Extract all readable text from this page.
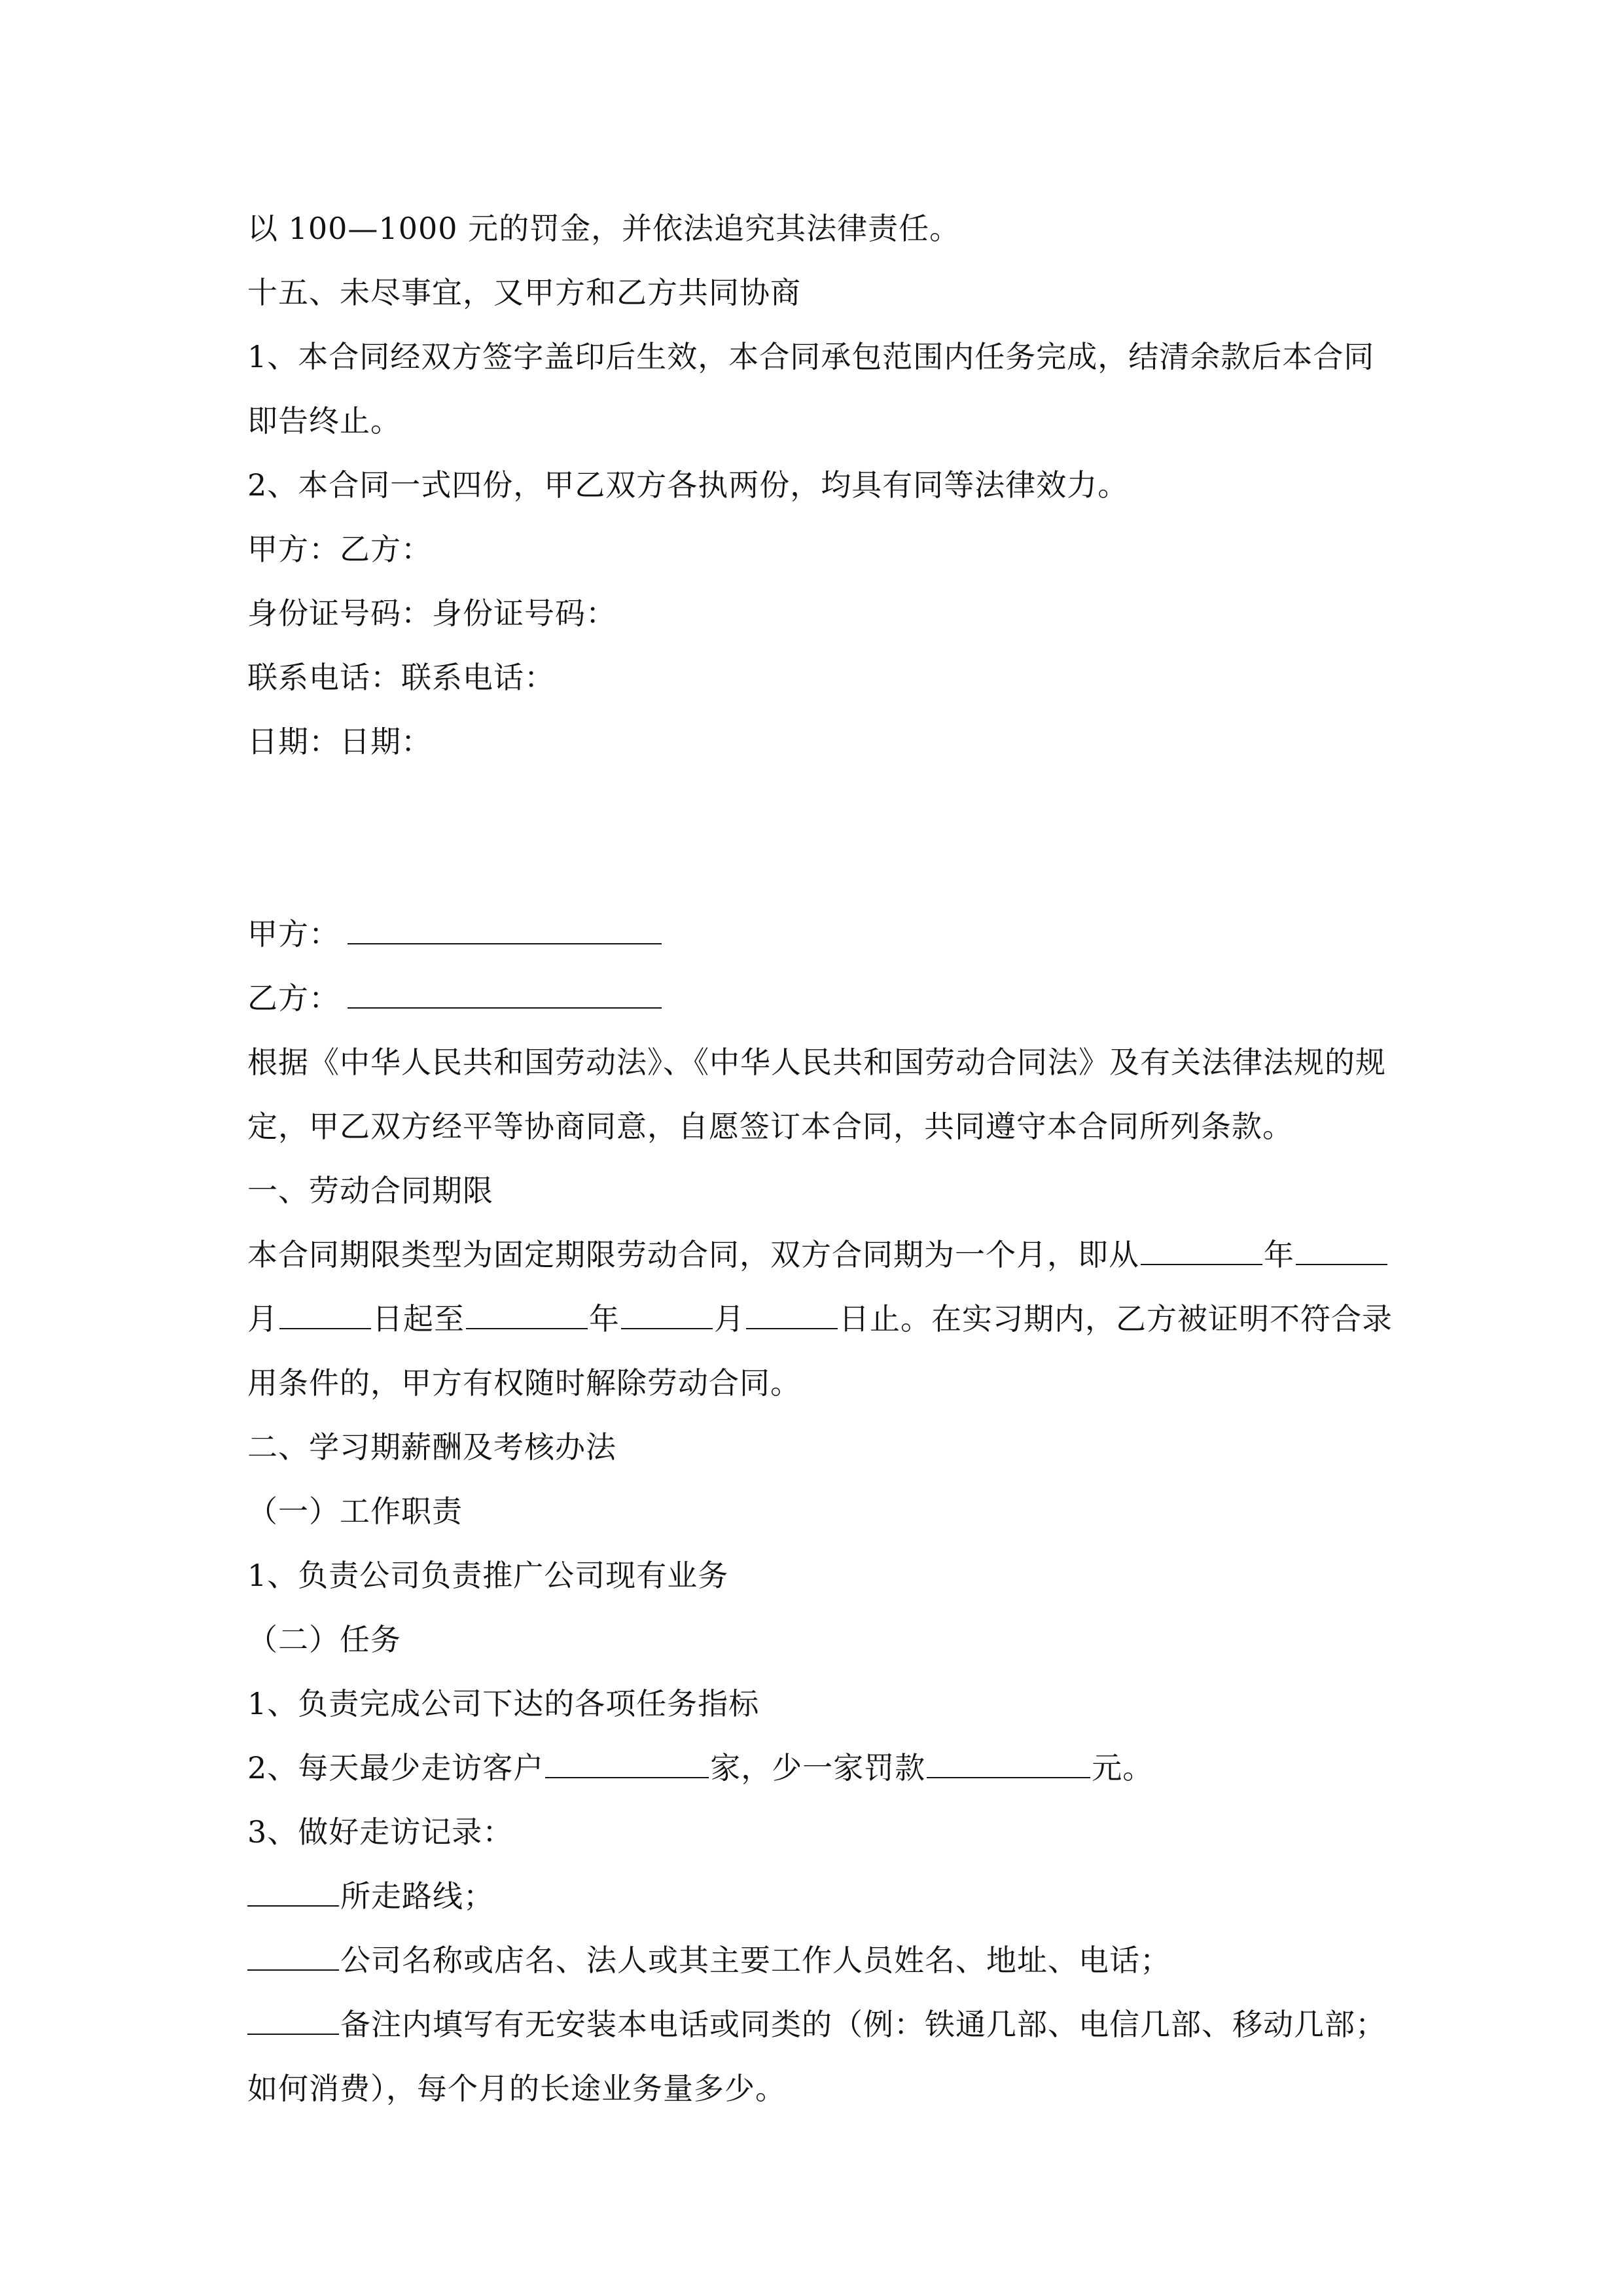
以 100—1000 元的罚金，并依法追究其法律责任。

十五、未尽事宜，又甲方和乙方共同协商

1、本合同经双方签字盖印后生效，本合同承包范围内任务完成，结清余款后本合同即告终止。

2、本合同一式四份，甲乙双方各执两份，均具有同等法律效力。

甲方：乙方：

身份证号码：身份证号码：

联系电话：联系电话：

日期：日期：

甲方：

乙方：

根据《中华人民共和国劳动法》、《中华人民共和国劳动合同法》及有关法律法规的规定，甲乙双方经平等协商同意，自愿签订本合同，共同遵守本合同所列条款。

一、劳动合同期限

本合同期限类型为固定期限劳动合同，双方合同期为一个月，即从	年月	日起至	年	月	日止。在实习期内，乙方被证明不符合录用条件的，甲方有权随时解除劳动合同。

二、学习期薪酬及考核办法

（一）工作职责

1、负责公司负责推广公司现有业务

（二）任务

1、负责完成公司下达的各项任务指标

2、每天最少走访客户	家，少一家罚款	元。

3、做好走访记录：

所走路线；

公司名称或店名、法人或其主要工作人员姓名、地址、电话；

备注内填写有无安装本电话或同类的（例：铁通几部、电信几部、移动几部；如何消费），每个月的长途业务量多少。
